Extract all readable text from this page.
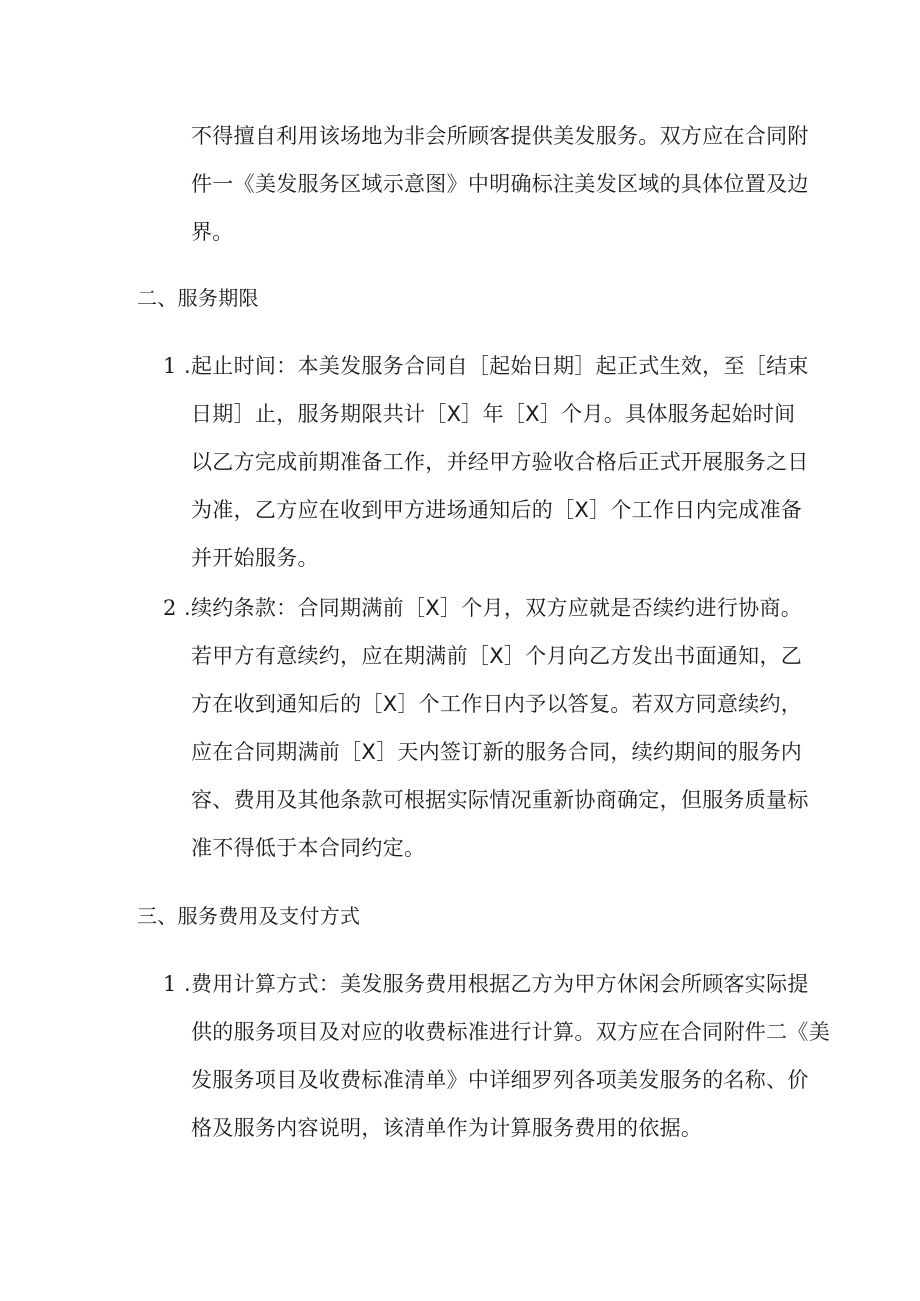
不得擅自利用该场地为非会所顾客提供美发服务。双方应在合同附
件一《美发服务区域示意图》中明确标注美发区域的具体位置及边
界。
二、服务期限
1 .起止时间：本美发服务合同自［起始日期］起正式生效，至［结束
日期］止，服务期限共计［X］年［X］个月。具体服务起始时间
以乙方完成前期准备工作，并经甲方验收合格后正式开展服务之日
为准，乙方应在收到甲方进场通知后的［X］个工作日内完成准备
并开始服务。
2 .续约条款：合同期满前［X］个月，双方应就是否续约进行协商。
若甲方有意续约，应在期满前［X］个月向乙方发出书面通知，乙
方在收到通知后的［X］个工作日内予以答复。若双方同意续约，
应在合同期满前［X］天内签订新的服务合同，续约期间的服务内
容、费用及其他条款可根据实际情况重新协商确定，但服务质量标
准不得低于本合同约定。
三、服务费用及支付方式
1 .费用计算方式：美发服务费用根据乙方为甲方休闲会所顾客实际提
供的服务项目及对应的收费标准进行计算。双方应在合同附件二《美
发服务项目及收费标准清单》中详细罗列各项美发服务的名称、价
格及服务内容说明，该清单作为计算服务费用的依据。
